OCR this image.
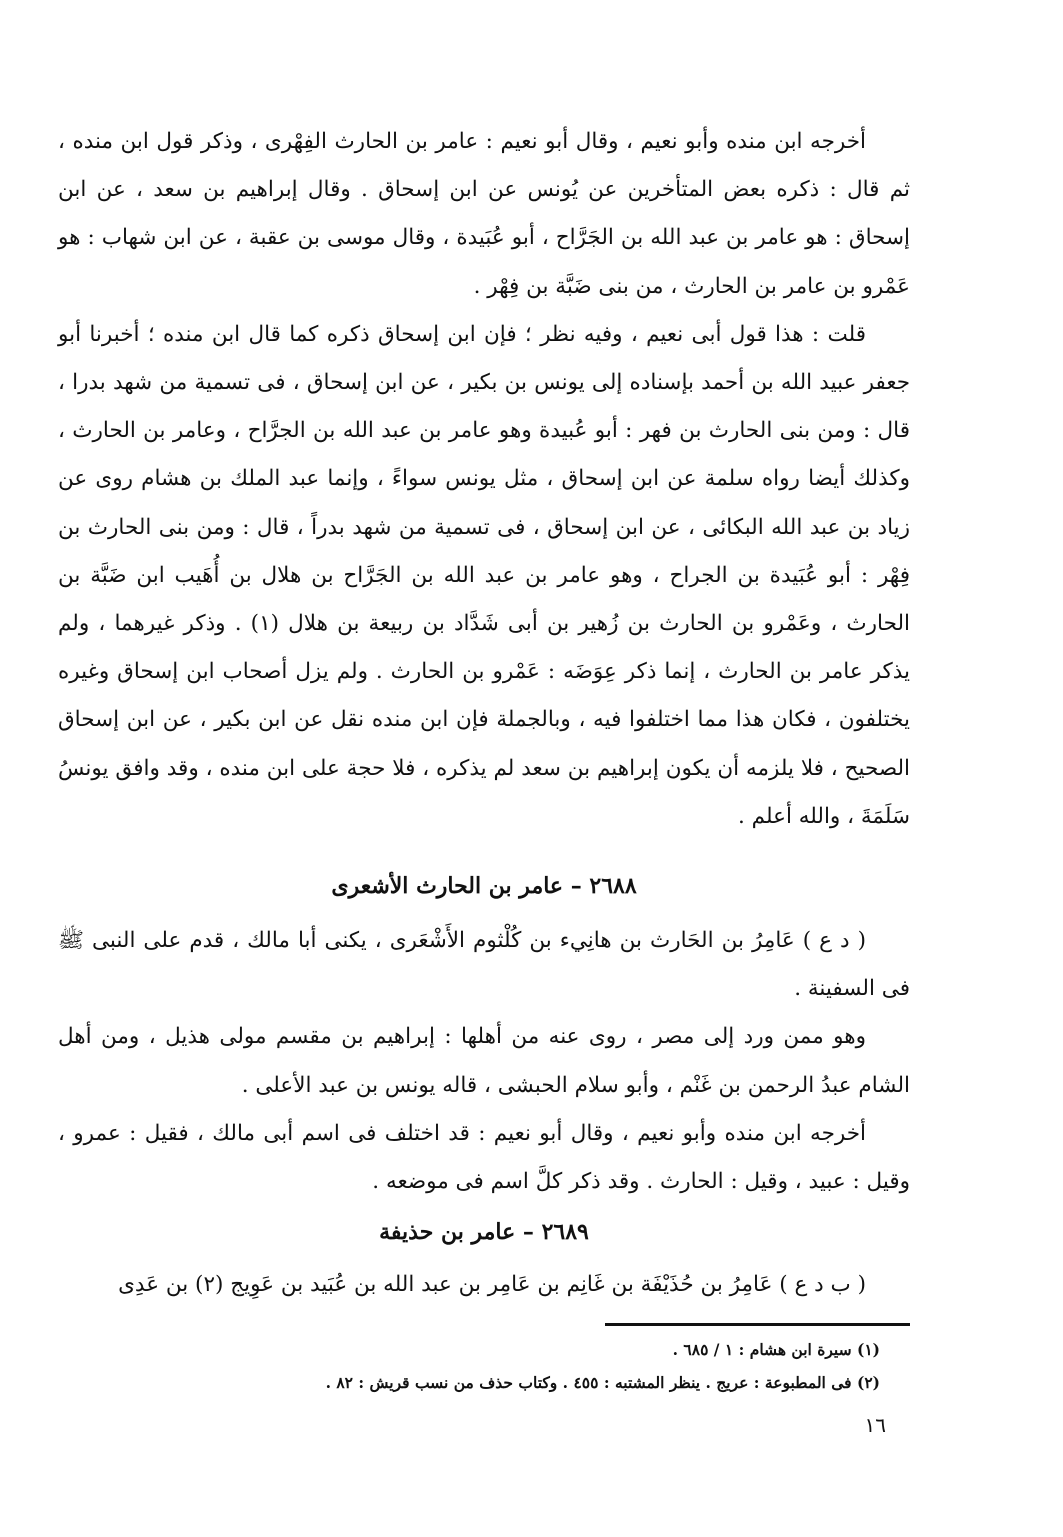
أخرجه ابن منده وأبو نعيم ، وقال أبو نعيم : عامر بن الحارث الفِهْرى ، وذكر قول ابن منده ، ثم قال : ذكره بعض المتأخرين عن يُونس عن ابن إسحاق . وقال إبراهيم بن سعد ، عن ابن إسحاق : هو عامر بن عبد الله بن الجَرَّاح ، أبو عُبَيدة ، وقال موسى بن عقبة ، عن ابن شهاب : هو عَمْرو بن عامر بن الحارث ، من بنى ضَبَّة بن فِهْر .

قلت : هذا قول أبى نعيم ، وفيه نظر ؛ فإن ابن إسحاق ذكره كما قال ابن منده ؛ أخبرنا أبو جعفر عبيد الله بن أحمد بإسناده إلى يونس بن بكير ، عن ابن إسحاق ، فى تسمية من شهد بدرا ، قال : ومن بنى الحارث بن فهر : أبو عُبيدة وهو عامر بن عبد الله بن الجرَّاح ، وعامر بن الحارث ، وكذلك أيضا رواه سلمة عن ابن إسحاق ، مثل يونس سواءً ، وإنما عبد الملك بن هشام روى عن زياد بن عبد الله البكائى ، عن ابن إسحاق ، فى تسمية من شهد بدراً ، قال : ومن بنى الحارث بن فِهْر : أبو عُبَيدة بن الجراح ، وهو عامر بن عبد الله بن الجَرَّاح بن هلال بن أُهَيب ابن ضَبَّة بن الحارث ، وعَمْرو بن الحارث بن زُهير بن أبى شَدَّاد بن ربيعة بن هلال (١) . وذكر غيرهما ، ولم يذكر عامر بن الحارث ، إنما ذكر عِوَضَه : عَمْرو بن الحارث . ولم يزل أصحاب ابن إسحاق وغيره يختلفون ، فكان هذا مما اختلفوا فيه ، وبالجملة فإن ابن منده نقل عن ابن بكير ، عن ابن إسحاق الصحيح ، فلا يلزمه أن يكون إبراهيم بن سعد لم يذكره ، فلا حجة على ابن منده ، وقد وافق يونسُ سَلَمَةَ ، والله أعلم .

٢٦٨٨ – عامر بن الحارث الأشعرى

( د ع ) عَامِرُ بن الحَارث بن هانِيء بن كُلْثوم الأَشْعَرى ، يكنى أبا مالك ، قدم على النبى ﷺ فى السفينة .

وهو ممن ورد إلى مصر ، روى عنه من أهلها : إبراهيم بن مقسم مولى هذيل ، ومن أهل الشام عبدُ الرحمن بن غَنْم ، وأبو سلام الحبشى ، قاله يونس بن عبد الأعلى .

أخرجه ابن منده وأبو نعيم ، وقال أبو نعيم : قد اختلف فى اسم أبى مالك ، فقيل : عمرو ، وقيل : عبيد ، وقيل : الحارث . وقد ذكر كلَّ اسم فى موضعه .

٢٦٨٩ – عامر بن حذيفة

( ب د ع ) عَامِرُ بن حُذَيْفَة بن غَانِم بن عَامِر بن عبد الله بن عُبَيد بن عَوِيج (٢) بن عَدِى

(١) سيرة ابن هشام : ١ / ٦٨٥ .

(٢) فى المطبوعة : عريج . ينظر المشتبه : ٤٥٥ . وكتاب حذف من نسب قريش : ٨٢ .

١٦
